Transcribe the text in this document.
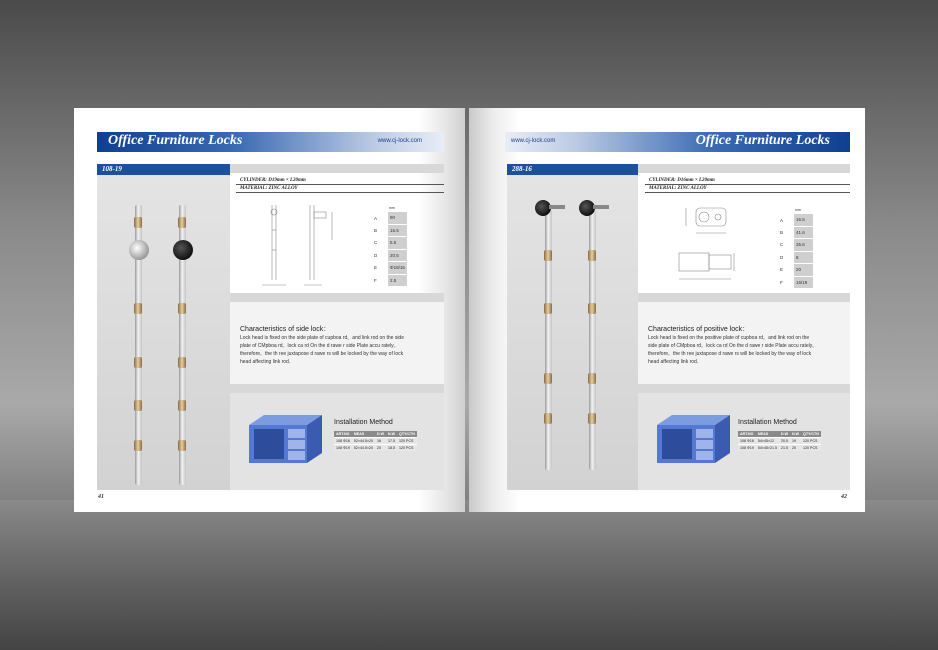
Office Furniture Locks	www.cj-lock.com
108-19
CYLINDER: D19mm × L20mm
MATERIAL: ZINC ALLOY
	mm
A	90
B	15.5
C	5.5
D	20.5
E	Φ19/16
F	2.5
Characteristics of side lock：
Lock head is fixed on the side plate of cupboa rd。and link rod on the side plate of CMpboa rd。lock ca rd On the d rawe r side Plate accu rately。therefore。the th ree juxtapose d rawe rs will be locked by the way of lock head affecting link rod.
Installation Method
ART.NO	MEAS	D.W	N.W	QTY/CTN
108 Φ16	52×44.5×20	16	17.5	120 PCS
108 Φ19	52×44.5×20	20	18.5	120 PCS
41
www.cj-lock.com	Office Furniture Locks
288-16
CYLINDER: D16mm × L20mm
MATERIAL: ZINC ALLOY
	mm
A	16.5
B	41.6
C	35.6
D	8
E	20
F	16/19
Characteristics of positive lock：
Lock head is fixed on the positive plate of cupboa rd。and link rod on the side plate of CMpboa rd。lock ca rd On the d rawe r side Plate accu rately。therefore。the th ree juxtapose d rawe rs will be locked by the way of lock head affecting link rod.
Installation Method
ART.NO	MEAS	D.W	N.W	QTY/CTN
108 Φ16	54×45×12	20.5	19	120 PCS
108 Φ19	54×45×21.5	21.5	20	120 PCS
42
